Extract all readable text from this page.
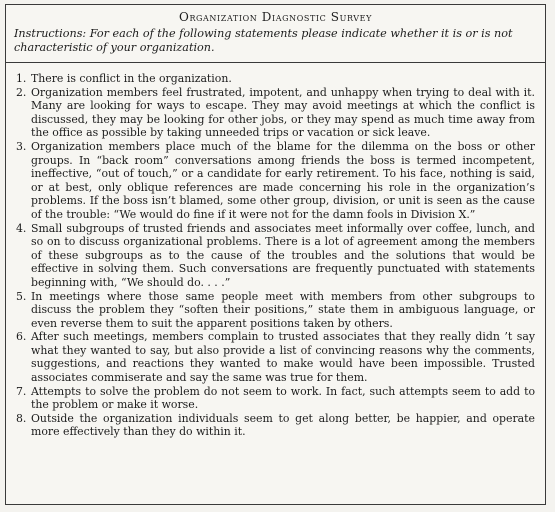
Organization Diagnostic Survey

Instructions: For each of the following statements please indicate whether it is or is not characteristic of your organization.

1. There is conflict in the organization.
2. Organization members feel frustrated, impotent, and unhappy when trying to deal with it. Many are looking for ways to escape. They may avoid meetings at which the conflict is discussed, they may be looking for other jobs, or they may spend as much time away from the office as possible by taking unneeded trips or vacation or sick leave.
3. Organization members place much of the blame for the dilemma on the boss or other groups. In “back room” conversations among friends the boss is termed incompetent, ineffective, “out of touch,” or a candidate for early retirement. To his face, nothing is said, or at best, only oblique references are made concerning his role in the organization’s problems. If the boss isn’t blamed, some other group, division, or unit is seen as the cause of the trouble: “We would do fine if it were not for the damn fools in Division X.”
4. Small subgroups of trusted friends and associates meet informally over coffee, lunch, and so on to discuss organizational problems. There is a lot of agreement among the members of these subgroups as to the cause of the troubles and the solutions that would be effective in solving them. Such conversations are frequently punctuated with statements beginning with, “We should do. . . .”
5. In meetings where those same people meet with members from other subgroups to discuss the problem they “soften their positions,” state them in ambiguous language, or even reverse them to suit the apparent positions taken by others.
6. After such meetings, members complain to trusted associates that they really didn ’t say what they wanted to say, but also provide a list of convincing reasons why the comments, suggestions, and reactions they wanted to make would have been impossible. Trusted associates commiserate and say the same was true for them.
7. Attempts to solve the problem do not seem to work. In fact, such attempts seem to add to the problem or make it worse.
8. Outside the organization individuals seem to get along better, be happier, and operate more effectively than they do within it.
